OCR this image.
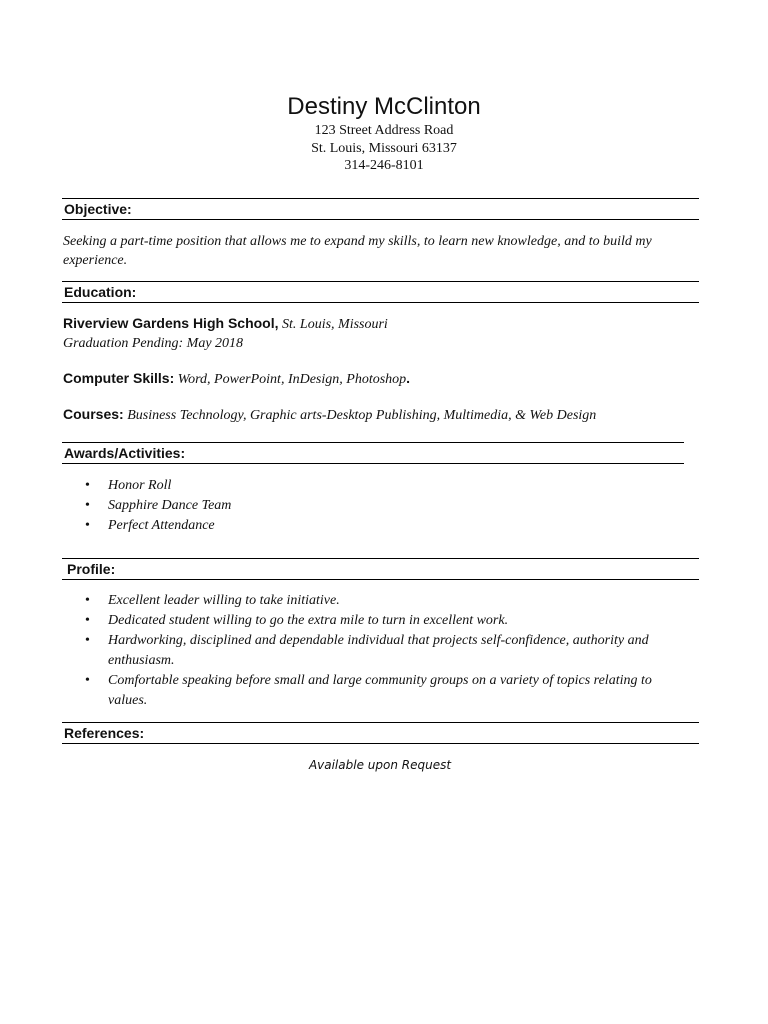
Destiny McClinton
123 Street Address Road
St. Louis, Missouri 63137
314-246-8101
Objective:
Seeking a part-time position that allows me to expand my skills, to learn new knowledge, and to build my
experience.
Education:
Riverview Gardens High School, St. Louis, Missouri
Graduation Pending: May 2018
Computer Skills: Word, PowerPoint, InDesign, Photoshop.
Courses: Business Technology, Graphic arts-Desktop Publishing, Multimedia, & Web Design
Awards/Activities:
• Honor Roll
• Sapphire Dance Team
• Perfect Attendance
Profile:
• Excellent leader willing to take initiative.
• Dedicated student willing to go the extra mile to turn in excellent work.
• Hardworking, disciplined and dependable individual that projects self-confidence, authority and
enthusiasm.
• Comfortable speaking before small and large community groups on a variety of topics relating to
values.
References:
Available upon Request
